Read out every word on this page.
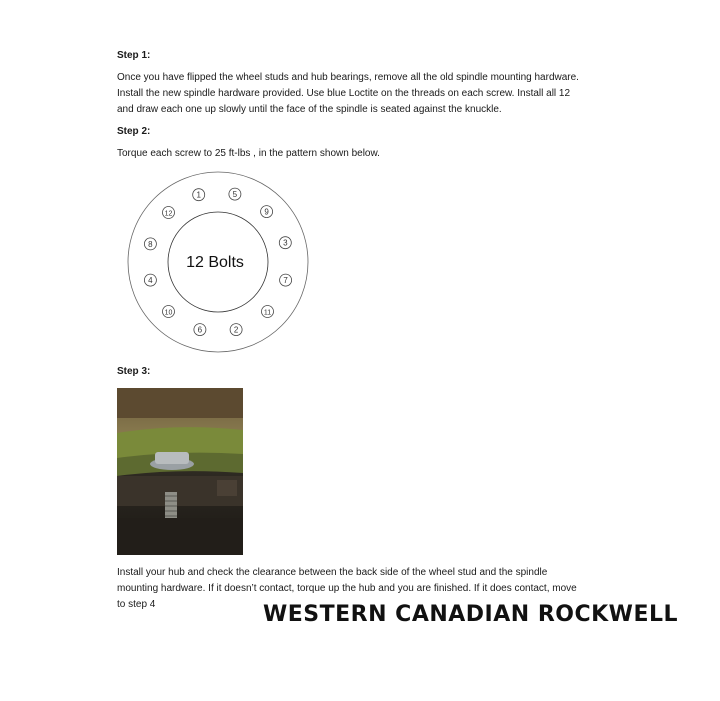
Step 1:
Once you have flipped the wheel studs and hub bearings, remove all the old spindle mounting hardware.
Install the new spindle hardware provided. Use blue Loctite on the threads on each screw. Install all 12
and draw each one up slowly until the face of the spindle is seated against the knuckle.
Step 2:
Torque each screw to 25 ft-lbs , in the pattern shown below.
12 Bolts
1	5
9
3
7
11
2
6
10
4
8
12
Step 3:
Install your hub and check the clearance between the back side of the wheel stud and the spindle
mounting hardware. If it doesn’t contact, torque up the hub and you are finished. If it does contact, move
to step 4	WESTERN CANADIAN ROCKWELL
